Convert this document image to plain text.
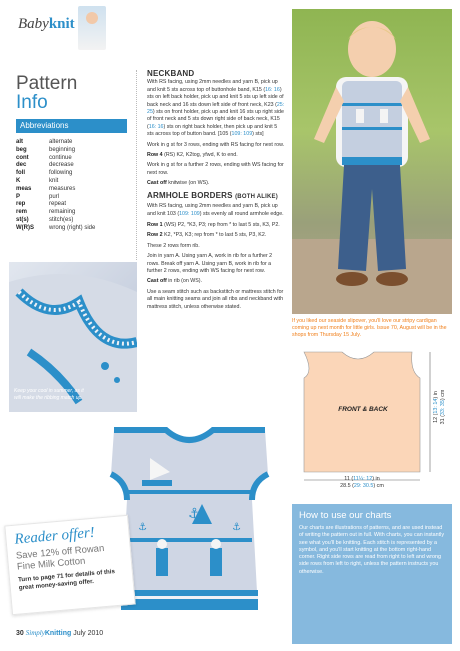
Babyknit
Pattern
Info
Abbreviations
alt	alternate
beg	beginning
cont	continue
dec	decrease
foll	following
K	knit
meas	measures
P	purl
rep	repeat
rem	remaining
st(s)	stitch(es)
W(R)S	wrong (right) side
NECKBAND

With RS facing, using 2mm needles and yarn B, pick up and knit 5 sts across top of buttonhole band, K15 (16: 16) sts on left back holder, pick up and knit 5 sts up left side of back neck and 16 sts down left side of front neck, K23 (25: 25) sts on front holder, pick up and knit 16 sts up right side of front neck and 5 sts down right side of back neck, K15 (16: 16) sts on right back holder, then pick up and knit 5 sts across top of button band. [105 (109: 109) sts]

Work in g st for 3 rows, ending with RS facing for next row.

Row 4 (RS) K2, K2tog, yfwd, K to end.

Work in g st for a further 2 rows, ending with WS facing for next row.

Cast off knitwise (on WS).

ARMHOLE BORDERS (BOTH ALIKE)

With RS facing, using 2mm needles and yarn B, pick up and knit 103 (109: 109) sts evenly all round armhole edge.

Row 1 (WS) P2, *K3, P3; rep from * to last 5 sts, K3, P2.

Row 2 K2, *P3, K3; rep from * to last 5 sts, P3, K2.

These 2 rows form rib.

Join in yarn A. Using yarn A, work in rib for a further 2 rows. Break off yarn A. Using yarn B, work in rib for a further 2 rows, ending with WS facing for next row.

Cast off in rib (on WS).

Use a seam stitch such as backstitch or mattress stitch for all main knitting seams and join all ribs and neckband with mattress stitch, unless otherwise stated.

If you liked our seaside slipover, you'll love our stripy cardigan coming up next month for little girls. Issue 70, August will be in the shops from Thursday 15 July.
Keep your cool in summer, as it will make the ribbing match up.
⚓
⚓	⚓
FRONT & BACK
11 (11¼: 12) in
28.5 (29: 30.5) cm
12 (13: 14) in
31 (33: 35) cm
How to use our charts

Our charts are illustrations of patterns, and are used instead of writing the pattern out in full. With charts, you can instantly see what you'll be knitting. Each stitch is represented by a symbol, and you'll start knitting at the bottom right-hand corner. Right side rows are read from right to left and wrong side rows from left to right, unless the pattern instructs you otherwise.

Reader offer!
Save 12% off Rowan Fine Milk Cotton
Turn to page 71 for details of this great money-saving offer.
30 SimplyKnitting July 2010
